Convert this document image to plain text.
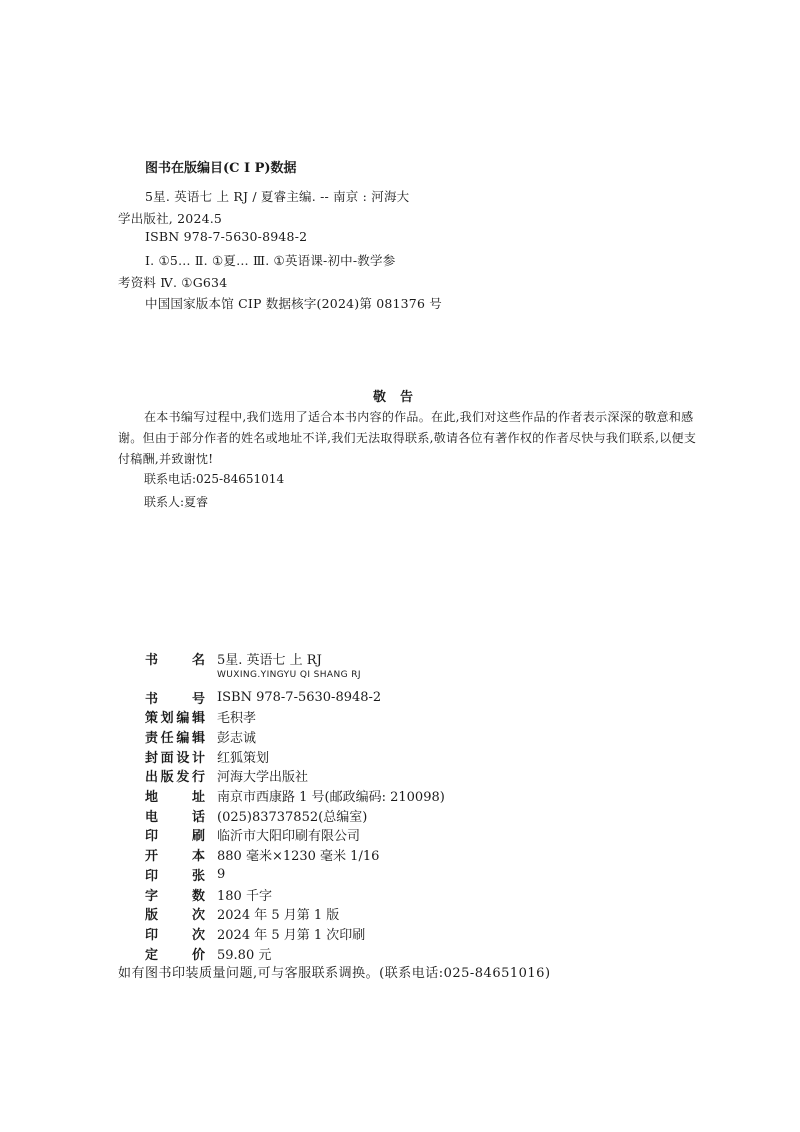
图书在版编目(C I P)数据
5星. 英语七 上 RJ / 夏睿主编. -- 南京 : 河海大
学出版社, 2024.5
ISBN 978-7-5630-8948-2
Ⅰ. ①5… Ⅱ. ①夏… Ⅲ. ①英语课-初中-教学参
考资料 Ⅳ. ①G634
中国国家版本馆 CIP 数据核字(2024)第 081376 号
敬告
在本书编写过程中,我们选用了适合本书内容的作品。在此,我们对这些作品的作者表示深深的敬意和感谢。但由于部分作者的姓名或地址不详,我们无法取得联系,敬请各位有著作权的作者尽快与我们联系,以便支付稿酬,并致谢忱!
联系电话:025-84651014
联系人:夏睿
书	名 5星. 英语七 上 RJ
WUXING.YINGYU QI SHANG RJ
书	号 ISBN 978-7-5630-8948-2
策 划 编 辑 毛积孝
责 任 编 辑 彭志诚
封 面 设 计 红狐策划
出 版 发 行 河海大学出版社
地	址 南京市西康路 1 号(邮政编码: 210098)
电	话 (025)83737852(总编室)
印	刷 临沂市大阳印刷有限公司
开	本 880 毫米×1230 毫米 1/16
印	张 9
字	数 180 千字
版	次 2024 年 5 月第 1 版
印	次 2024 年 5 月第 1 次印刷
定	价 59.80 元
如有图书印装质量问题,可与客服联系调换。(联系电话:025-84651016)
